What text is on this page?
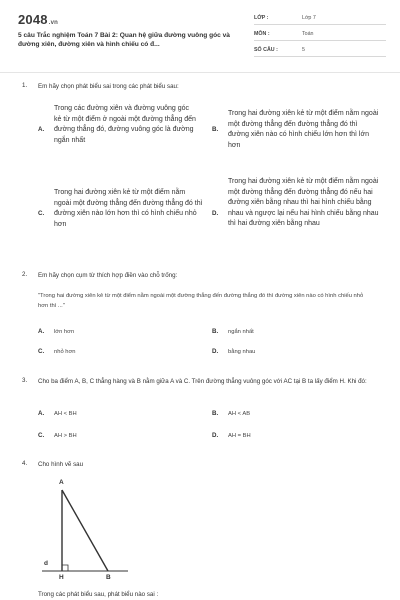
2048.vn
5 câu Trắc nghiệm Toán 7 Bài 2: Quan hệ giữa đường vuông góc và đường xiên, đường xiên và hình chiếu có đ...
LỚP :	Lớp 7
MÔN :	Toán
SỐ CÂU :	5
1. Em hãy chọn phát biểu sai trong các phát biểu sau:
A.
Trong các đường xiên và đường vuông góc kẻ từ một điểm ở ngoài một đường thẳng đến đường thẳng đó, đường vuông góc là đường ngắn nhất
B.
Trong hai đường xiên kẻ từ một điểm nằm ngoài một đường thẳng đến đường thẳng đó thì đường xiên nào có hình chiếu lớn hơn thì lớn hơn
C.
Trong hai đường xiên kẻ từ một điểm nằm ngoài một đường thẳng đến đường thẳng đó thì đường xiên nào lớn hơn thì có hình chiếu nhỏ hơn
D.
Trong hai đường xiên kẻ từ một điểm nằm ngoài một đường thẳng đến đường thẳng đó nếu hai đường xiên bằng nhau thì hai hình chiếu bằng nhau và ngược lại nếu hai hình chiếu bằng nhau thì hai đường xiên bằng nhau
2. Em hãy chọn cụm từ thích hợp điền vào chỗ trống:
"Trong hai đường xiên kẻ từ một điểm nằm ngoài một đường thẳng đến đường thẳng đó thì đường xiên nào có hình chiếu nhỏ hơn thì ..."
A. lớn hơn	B. ngắn nhất
C. nhỏ hơn	D. bằng nhau
3. Cho ba điểm A, B, C thẳng hàng và B nằm giữa A và C. Trên đường thẳng vuông góc với AC tại B ta lấy điểm H. Khi đó:
A. AH < BH	B. AH < AB
C. AH > BH	D. AH = BH
4. Cho hình vẽ sau
A
d
H	B
Trong các phát biểu sau, phát biểu nào sai :
